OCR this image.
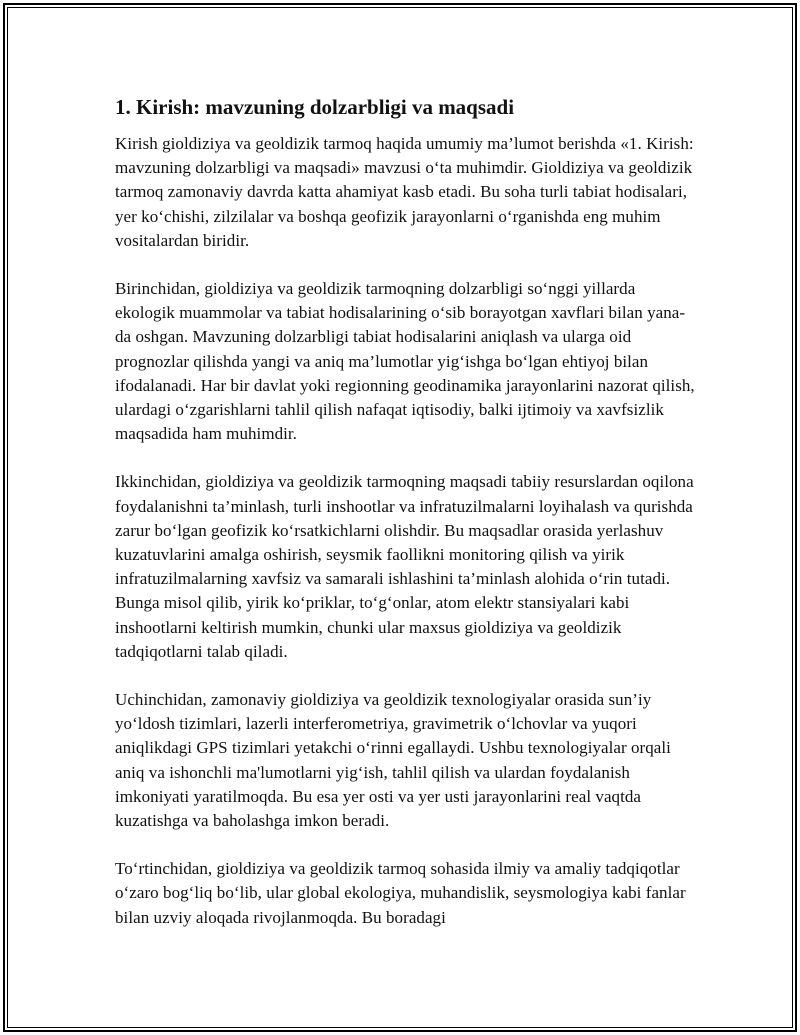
1. Kirish: mavzuning dolzarbligi va maqsadi

Kirish gioldiziya va geoldizik tarmoq haqida umumiy ma’lumot berishda «1. Kirish: mavzuning dolzarbligi va maqsadi» mavzusi o‘ta muhimdir. Gioldiziya va geoldizik tarmoq zamonaviy davrda katta ahamiyat kasb etadi. Bu soha turli tabiat hodisalari, yer ko‘chishi, zilzilalar va boshqa geofizik jarayonlarni o‘rganishda eng muhim vositalardan biridir.

Birinchidan, gioldiziya va geoldizik tarmoqning dolzarbligi so‘nggi yillarda ekologik muammolar va tabiat hodisalarining o‘sib borayotgan xavflari bilan yana-da oshgan. Mavzuning dolzarbligi tabiat hodisalarini aniqlash va ularga oid prognozlar qilishda yangi va aniq ma’lumotlar yig‘ishga bo‘lgan ehtiyoj bilan ifodalanadi. Har bir davlat yoki regionning geodinamika jarayonlarini nazorat qilish, ulardagi o‘zgarishlarni tahlil qilish nafaqat iqtisodiy, balki ijtimoiy va xavfsizlik maqsadida ham muhimdir.

Ikkinchidan, gioldiziya va geoldizik tarmoqning maqsadi tabiiy resurslardan oqilona foydalanishni ta’minlash, turli inshootlar va infratuzilmalarni loyihalash va qurishda zarur bo‘lgan geofizik ko‘rsatkichlarni olishdir. Bu maqsadlar orasida yerlashuv kuzatuvlarini amalga oshirish, seysmik faollikni monitoring qilish va yirik infratuzilmalarning xavfsiz va samarali ishlashini ta’minlash alohida o‘rin tutadi. Bunga misol qilib, yirik ko‘priklar, to‘g‘onlar, atom elektr stansiyalari kabi inshootlarni keltirish mumkin, chunki ular maxsus gioldiziya va geoldizik tadqiqotlarni talab qiladi.

Uchinchidan, zamonaviy gioldiziya va geoldizik texnologiyalar orasida sun’iy yo‘ldosh tizimlari, lazerli interferometriya, gravimetrik o‘lchovlar va yuqori aniqlikdagi GPS tizimlari yetakchi o‘rinni egallaydi. Ushbu texnologiyalar orqali aniq va ishonchli ma'lumotlarni yig‘ish, tahlil qilish va ulardan foydalanish imkoniyati yaratilmoqda. Bu esa yer osti va yer usti jarayonlarini real vaqtda kuzatishga va baholashga imkon beradi.

To‘rtinchidan, gioldiziya va geoldizik tarmoq sohasida ilmiy va amaliy tadqiqotlar o‘zaro bog‘liq bo‘lib, ular global ekologiya, muhandislik, seysmologiya kabi fanlar bilan uzviy aloqada rivojlanmoqda. Bu boradagi
